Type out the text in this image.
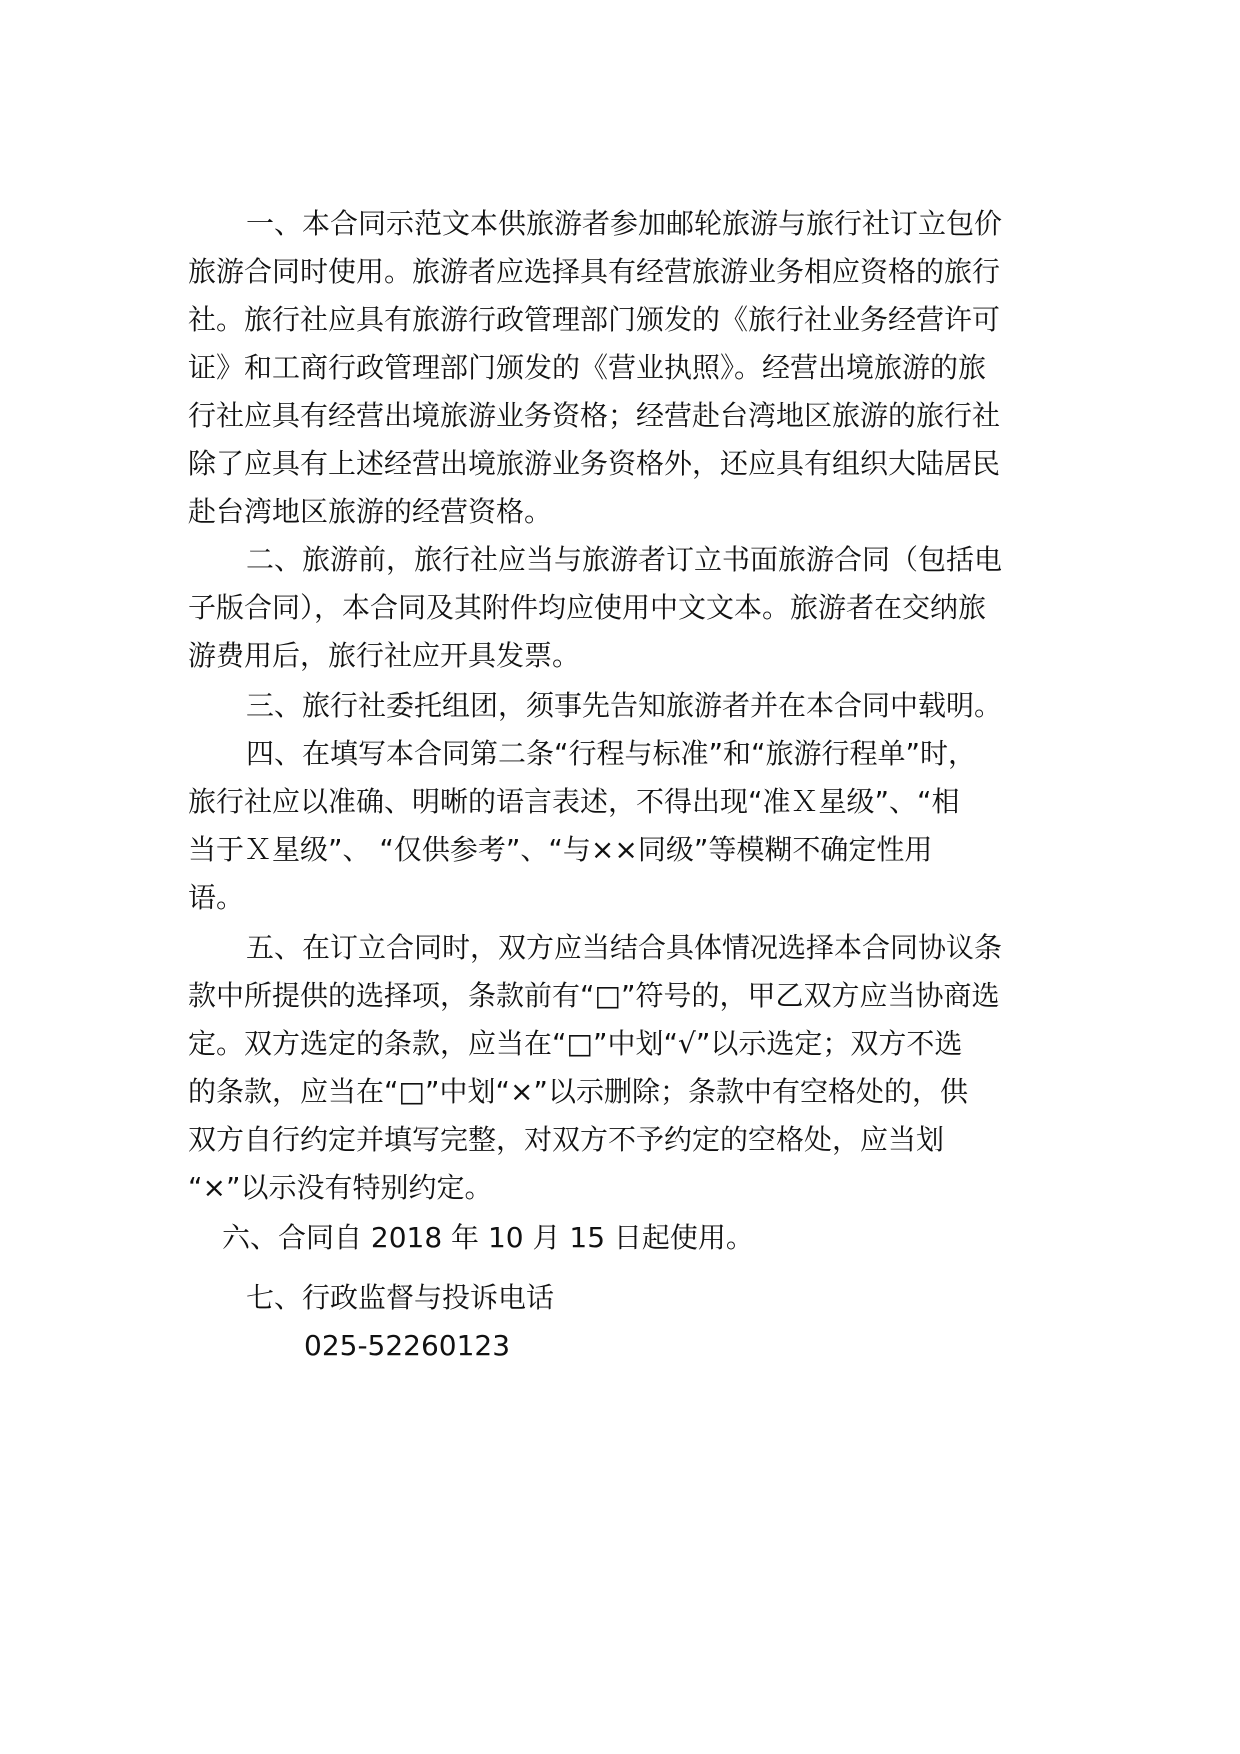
一、本合同示范文本供旅游者参加邮轮旅游与旅行社订立包价
旅游合同时使用。旅游者应选择具有经营旅游业务相应资格的旅行
社。旅行社应具有旅游行政管理部门颁发的《旅行社业务经营许可
证》和工商行政管理部门颁发的《营业执照》。经营出境旅游的旅
行社应具有经营出境旅游业务资格；经营赴台湾地区旅游的旅行社
除了应具有上述经营出境旅游业务资格外，还应具有组织大陆居民
赴台湾地区旅游的经营资格。
二、旅游前，旅行社应当与旅游者订立书面旅游合同（包括电
子版合同），本合同及其附件均应使用中文文本。旅游者在交纳旅
游费用后，旅行社应开具发票。
三、旅行社委托组团，须事先告知旅游者并在本合同中载明。
四、在填写本合同第二条“行程与标准”和“旅游行程单”时，
旅行社应以准确、明晰的语言表述，不得出现“准Ｘ星级”、“相
当于Ｘ星级”、 “仅供参考”、“与××同级”等模糊不确定性用
语。
五、在订立合同时，双方应当结合具体情况选择本合同协议条
款中所提供的选择项，条款前有“□”符号的，甲乙双方应当协商选
定。双方选定的条款，应当在“□”中划“√”以示选定；双方不选
的条款，应当在“□”中划“×”以示删除；条款中有空格处的，供
双方自行约定并填写完整，对双方不予约定的空格处，应当划
“×”以示没有特别约定。
六、合同自 2018 年 10 月 15 日起使用。
七、行政监督与投诉电话
025-52260123
